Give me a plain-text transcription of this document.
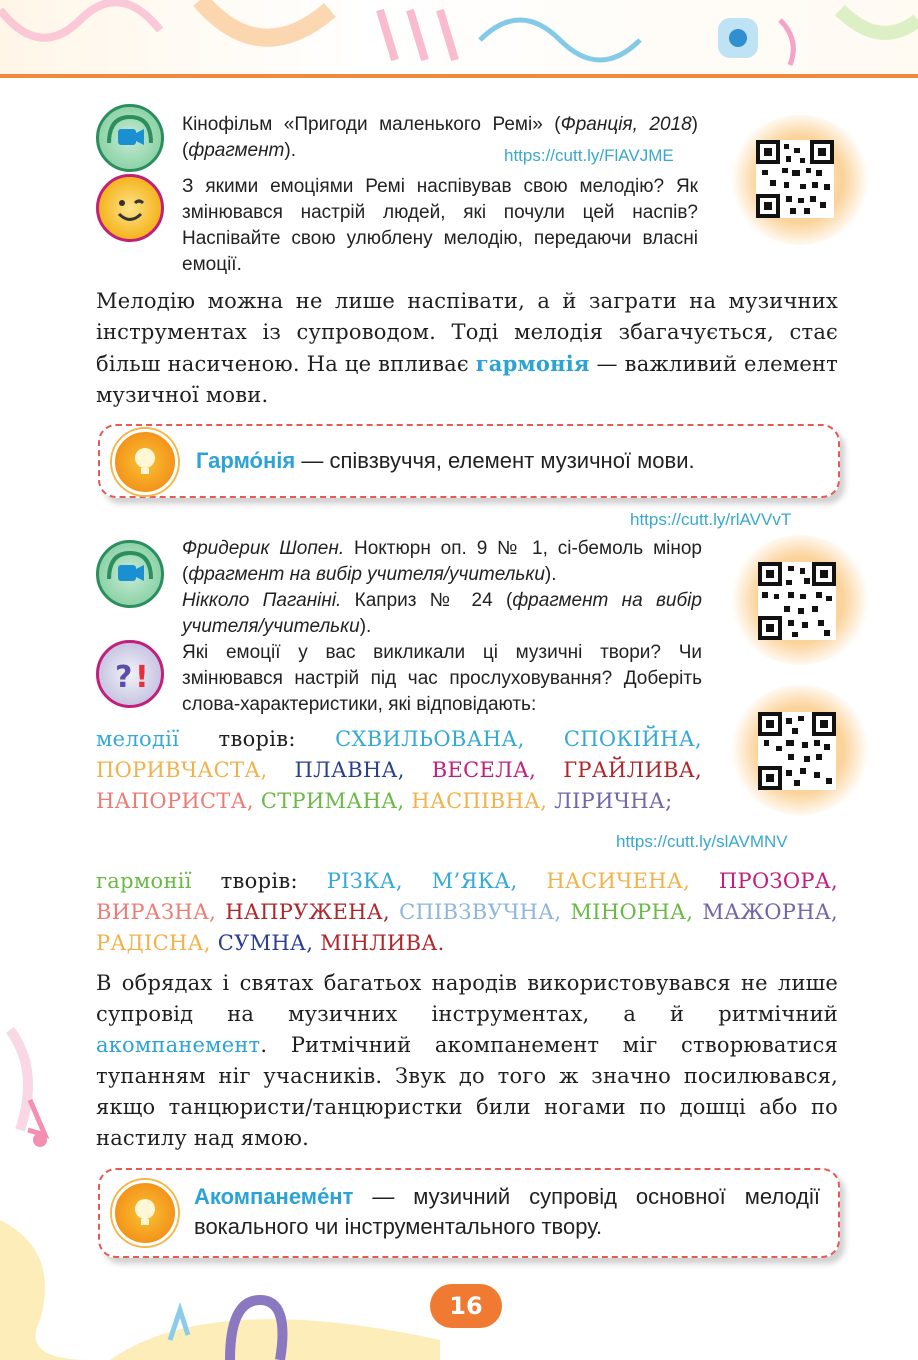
Кінофільм «Пригоди маленького Ремі» (Франція, 2018) (фрагмент).	https://cutt.ly/FlAVJME
З якими емоціями Ремі наспівував свою мелодію? Як змінювався настрій людей, які почули цей наспів? Наспівайте свою улюблену мелодію, передаючи власні емоції.
Мелодію можна не лише наспівати, а й заграти на музичних інструментах із супроводом. Тоді мелодія збагачується, стає більш насиченою. На це впливає гармонія — важливий елемент музичної мови.
Гармо́нія — співзвуччя, елемент музичної мови.
https://cutt.ly/rlAVVvT
Фридерик Шопен. Ноктюрн оп. 9 № 1, сі-бемоль мінор (фрагмент на вибір учителя/учительки).
Нікколо Паганіні. Каприз № 24 (фрагмент на вибір учителя/учительки).
? !
Які емоції у вас викликали ці музичні твори? Чи змінювався настрій під час прослуховування? Доберіть слова-характеристики, які відповідають:
мелодії творів: СХВИЛЬОВАНА, СПОКІЙНА, ПОРИВЧАСТА, ПЛАВНА, ВЕСЕЛА, ГРАЙЛИВА, НАПОРИСТА, СТРИМАНА, НАСПІВНА, ЛІРИЧНА;
https://cutt.ly/slAVMNV
гармонії творів: РІЗКА, М’ЯКА, НАСИЧЕНА, ПРОЗОРА, ВИРАЗНА, НАПРУЖЕНА, СПІВЗВУЧНА, МІНОРНА, МАЖОРНА, РАДІСНА, СУМНА, МІНЛИВА.
В обрядах і святах багатьох народів використовувався не лише супровід на музичних інструментах, а й ритмічний акомпанемент. Ритмічний акомпанемент міг створюватися тупанням ніг учасників. Звук до того ж значно посилювався, якщо танцюристи/танцюристки били ногами по дошці або по настилу над ямою.
Акомпанеме́нт — музичний супровід основної мелодії вокального чи інструментального твору.
16
